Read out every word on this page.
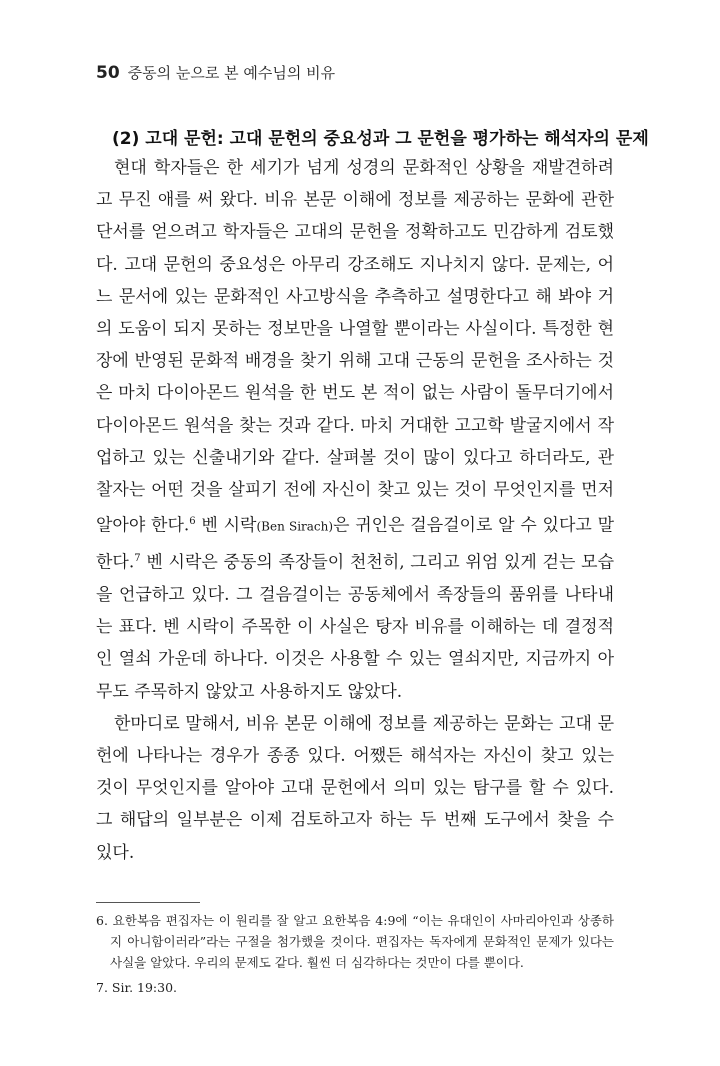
50 중동의 눈으로 본 예수님의 비유
(2) 고대 문헌: 고대 문헌의 중요성과 그 문헌을 평가하는 해석자의 문제

현대 학자들은 한 세기가 넘게 성경의 문화적인 상황을 재발견하려고 무진 애를 써 왔다. 비유 본문 이해에 정보를 제공하는 문화에 관한 단서를 얻으려고 학자들은 고대의 문헌을 정확하고도 민감하게 검토했다. 고대 문헌의 중요성은 아무리 강조해도 지나치지 않다. 문제는, 어느 문서에 있는 문화적인 사고방식을 추측하고 설명한다고 해 봐야 거의 도움이 되지 못하는 정보만을 나열할 뿐이라는 사실이다. 특정한 현장에 반영된 문화적 배경을 찾기 위해 고대 근동의 문헌을 조사하는 것은 마치 다이아몬드 원석을 한 번도 본 적이 없는 사람이 돌무더기에서 다이아몬드 원석을 찾는 것과 같다. 마치 거대한 고고학 발굴지에서 작업하고 있는 신출내기와 같다. 살펴볼 것이 많이 있다고 하더라도, 관찰자는 어떤 것을 살피기 전에 자신이 찾고 있는 것이 무엇인지를 먼저 알아야 한다.$^6$ 벤 시락(Ben Sirach)은 귀인은 걸음걸이로 알 수 있다고 말한다.$^7$ 벤 시락은 중동의 족장들이 천천히, 그리고 위엄 있게 걷는 모습을 언급하고 있다. 그 걸음걸이는 공동체에서 족장들의 품위를 나타내는 표다. 벤 시락이 주목한 이 사실은 탕자 비유를 이해하는 데 결정적인 열쇠 가운데 하나다. 이것은 사용할 수 있는 열쇠지만, 지금까지 아무도 주목하지 않았고 사용하지도 않았다.

한마디로 말해서, 비유 본문 이해에 정보를 제공하는 문화는 고대 문헌에 나타나는 경우가 종종 있다. 어쨌든 해석자는 자신이 찾고 있는 것이 무엇인지를 알아야 고대 문헌에서 의미 있는 탐구를 할 수 있다. 그 해답의 일부분은 이제 검토하고자 하는 두 번째 도구에서 찾을 수 있다.

6. 요한복음 편집자는 이 원리를 잘 알고 요한복음 4:9에 “이는 유대인이 사마리아인과 상종하지 아니함이러라”라는 구절을 첨가했을 것이다. 편집자는 독자에게 문화적인 문제가 있다는 사실을 알았다. 우리의 문제도 같다. 훨씬 더 심각하다는 것만이 다를 뿐이다.

7. Sir. 19:30.
